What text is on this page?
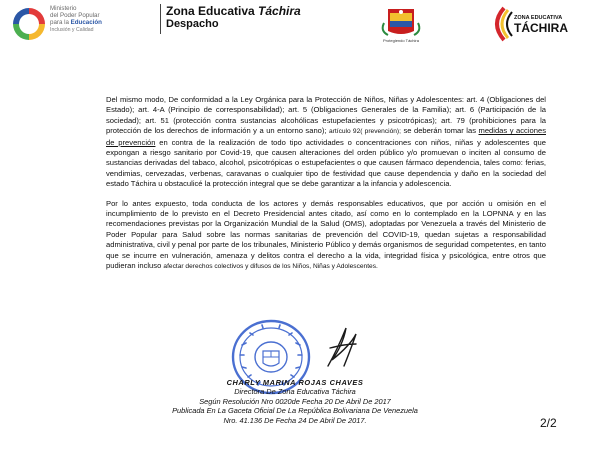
Ministerio
del Poder Popular
para la Educación
Inclusión y Calidad
Zona Educativa Táchira
Despacho
Protegiendo Táchira
ZONA EDUCATIVA
TÁCHIRA

Del mismo modo, De conformidad a la Ley Orgánica para la Protección de Niños, Niñas y Adolescentes: art. 4 (Obligaciones del Estado); art. 4-A (Principio de corresponsabilidad); art. 5 (Obligaciones Generales de la Familia); art. 6 (Participación de la sociedad); art. 51 (protección contra sustancias alcohólicas estupefacientes y psicotrópicas); art. 79 (prohibiciones para la protección de los derechos de información y a un entorno sano); artículo 92( prevención); se deberán tomar las medidas y acciones de prevención en contra de la realización de todo tipo actividades o concentraciones con niños, niñas y adolescentes que expongan a riesgo sanitario por Covid-19, que causen alteraciones del orden público y/o promuevan o inciten al consumo de sustancias derivadas del tabaco, alcohol, psicotrópicas o estupefacientes o que causen fármaco dependencia, tales como: ferias, vendimias, cervezadas, verbenas, caravanas o cualquier tipo de festividad que cause dependencia y daño en la sociedad del estado Táchira u obstaculicé la protección integral que se debe garantizar a la infancia y adolescencia.

Por lo antes expuesto, toda conducta de los actores y demás responsables educativos, que por acción u omisión en el incumplimiento de lo previsto en el Decreto Presidencial antes citado, así como en lo contemplado en la LOPNNA y en las recomendaciones previstas por la Organización Mundial de la Salud (OMS), adoptadas por Venezuela a través del Ministerio de Poder Popular para Salud sobre las normas sanitarias de prevención del COVID-19, quedan sujetas a responsabilidad administrativa, civil y penal por parte de los tribunales, Ministerio Público y demás organismos de seguridad competentes, en tanto que se incurre en vulneración, amenaza y delitos contra el derecho a la vida, integridad física y psicológica, entre otros que pudieran incluso afectar derechos colectivos y difusos de los Niños, Niñas y Adolescentes.

CHARLY MARINA ROJAS CHAVES
Directora De Zona Educativa Táchira
Según Resolución Nro 0020de Fecha 20 De Abril De 2017
Publicada En La Gaceta Oficial De La República Bolivariana De Venezuela
Nro. 41.136 De Fecha 24 De Abril De 2017.	2/2
